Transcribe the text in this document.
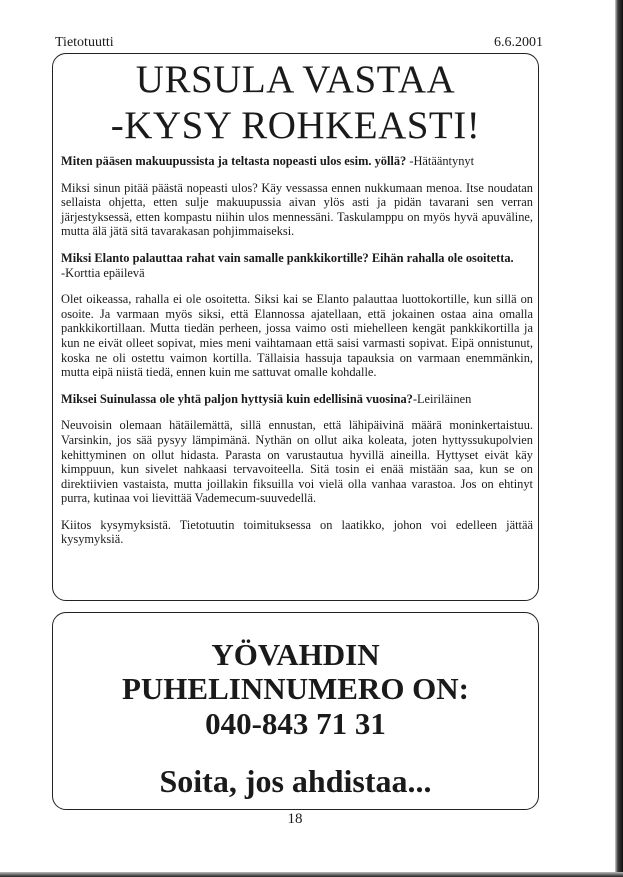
Tietotuutti	6.6.2001
URSULA VASTAA
-KYSY ROHKEASTI!

Miten pääsen makuupussista ja teltasta nopeasti ulos esim. yöllä? -Hätääntynyt

Miksi sinun pitää päästä nopeasti ulos? Käy vessassa ennen nukkumaan menoa. Itse noudatan sellaista ohjetta, etten sulje makuupussia aivan ylös asti ja pidän tavarani sen verran järjestyksessä, etten kompastu niihin ulos mennessäni. Taskulamppu on myös hyvä apuväline, mutta älä jätä sitä tavarakasan pohjimmaiseksi.

Miksi Elanto palauttaa rahat vain samalle pankkikortille? Eihän rahalla ole osoitetta.
-Korttia epäilevä

Olet oikeassa, rahalla ei ole osoitetta. Siksi kai se Elanto palauttaa luottokortille, kun sillä on osoite. Ja varmaan myös siksi, että Elannossa ajatellaan, että jokainen ostaa aina omalla pankkikortillaan. Mutta tiedän perheen, jossa vaimo osti miehelleen kengät pankkikortilla ja kun ne eivät olleet sopivat, mies meni vaihtamaan että saisi varmasti sopivat. Eipä onnistunut, koska ne oli ostettu vaimon kortilla. Tällaisia hassuja tapauksia on varmaan enemmänkin, mutta eipä niistä tiedä, ennen kuin me sattuvat omalle kohdalle.

Miksei Suinulassa ole yhtä paljon hyttysiä kuin edellisinä vuosina?-Leiriläinen

Neuvoisin olemaan hätäilemättä, sillä ennustan, että lähipäivinä määrä moninkertaistuu. Varsinkin, jos sää pysyy lämpimänä. Nythän on ollut aika koleata, joten hyttyssukupolvien kehittyminen on ollut hidasta. Parasta on varustautua hyvillä aineilla. Hyttyset eivät käy kimppuun, kun sivelet nahkaasi tervavoiteella. Sitä tosin ei enää mistään saa, kun se on direktiivien vastaista, mutta joillakin fiksuilla voi vielä olla vanhaa varastoa. Jos on ehtinyt purra, kutinaa voi lievittää Vademecum-suuvedellä.

Kiitos kysymyksistä. Tietotuutin toimituksessa on laatikko, johon voi edelleen jättää kysymyksiä.

YÖVAHDIN
PUHELINNUMERO ON:
040-843 71 31
Soita, jos ahdistaa...
18
